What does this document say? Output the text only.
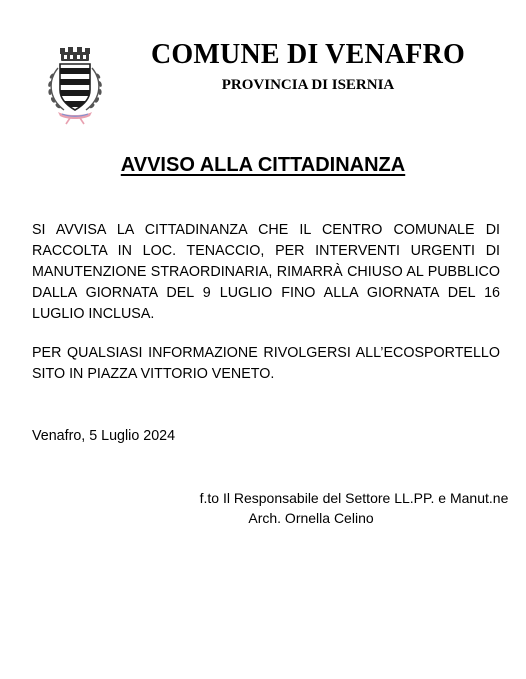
COMUNE DI VENAFRO
PROVINCIA DI ISERNIA
AVVISO ALLA CITTADINANZA
SI AVVISA LA CITTADINANZA CHE IL CENTRO COMUNALE DI RACCOLTA IN LOC. TENACCIO, PER INTERVENTI URGENTI DI MANUTENZIONE STRAORDINARIA, RIMARRÀ CHIUSO AL PUBBLICO DALLA GIORNATA DEL 9 LUGLIO FINO ALLA GIORNATA DEL 16 LUGLIO INCLUSA.
PER QUALSIASI INFORMAZIONE RIVOLGERSI ALL’ECOSPORTELLO SITO IN PIAZZA VITTORIO VENETO.
Venafro, 5 Luglio 2024
f.to Il Responsabile del Settore LL.PP. e Manut.ne
Arch. Ornella Celino
